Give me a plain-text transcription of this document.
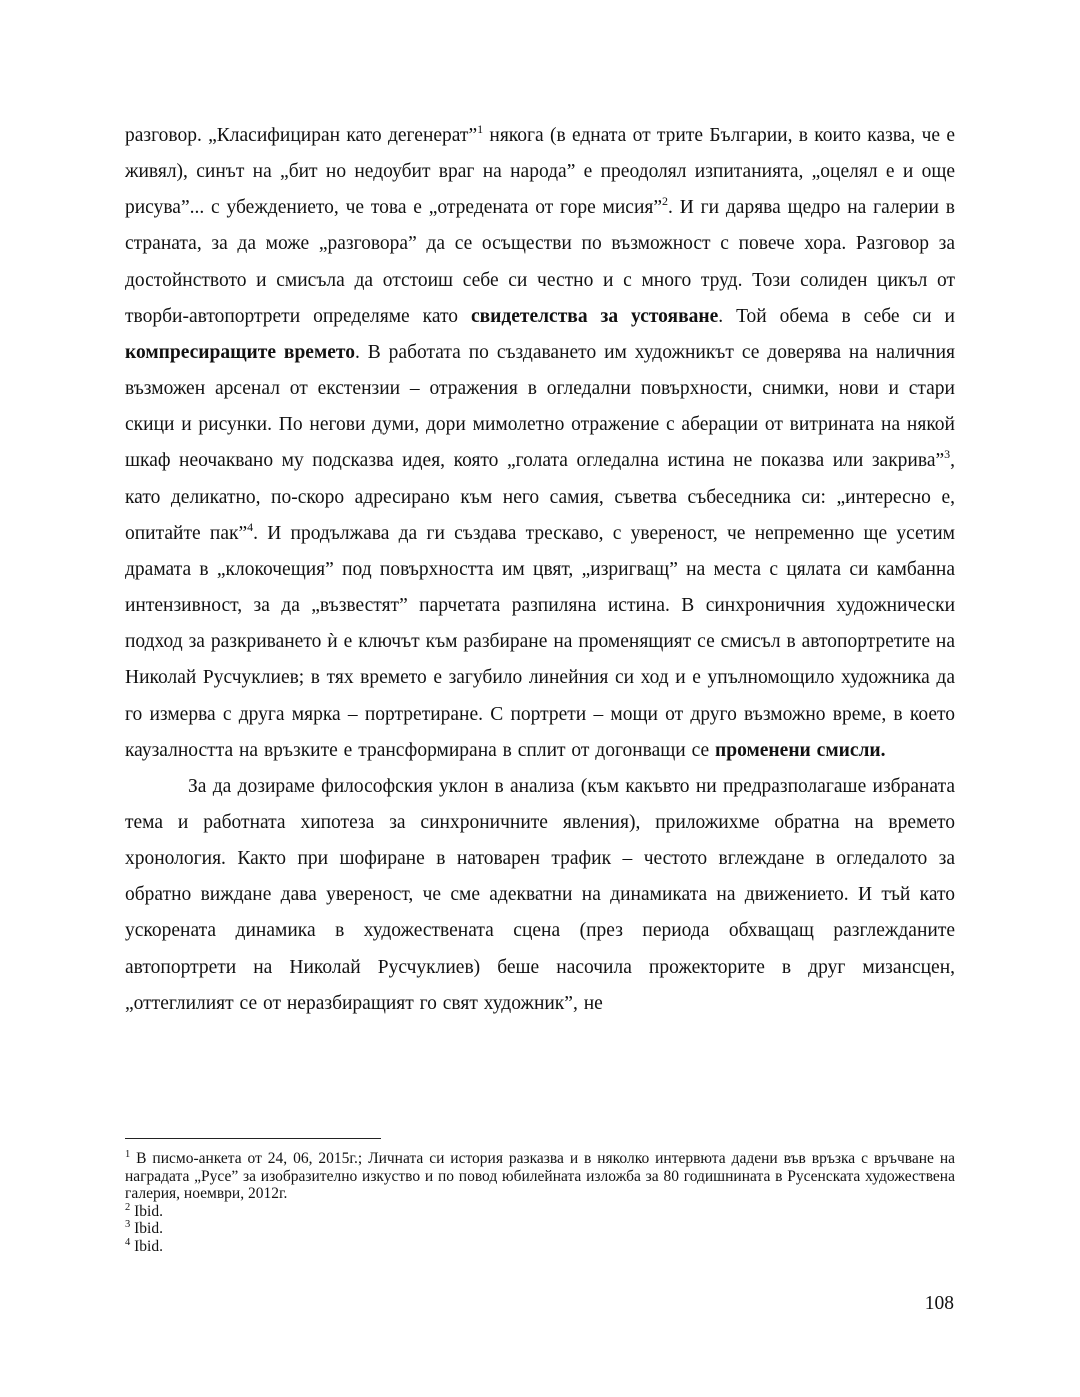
разговор. „Класифициран като дегенерат”$^1$ някога (в едната от трите Българии, в които казва, че е живял), синът на „бит но недоубит враг на народа” е преодолял изпитанията, „оцелял е и още рисува”... с убеждението, че това е „отредената от горе мисия”$^2$. И ги дарява щедро на галерии в страната, за да може „разговора” да се осъществи по възможност с повече хора. Разговор за достойнството и смисъла да отстоиш себе си честно и с много труд. Този солиден цикъл от творби-автопортрети определяме като свидетелства за устояване. Той обема в себе си и компресиращите времето. В работата по създаването им художникът се доверява на наличния възможен арсенал от екстензии – отражения в огледални повърхности, снимки, нови и стари скици и рисунки. По негови думи, дори мимолетно отражение с аберации от витрината на някой шкаф неочаквано му подсказва идея, която „голата огледална истина не показва или закрива”$^3$, като деликатно, по-скоро адресирано към него самия, съветва събеседника си: „интересно е, опитайте пак”$^4$. И продължава да ги създава трескаво, с увереност, че непременно ще усетим драмата в „клокочещия” под повърхността им цвят, „изригващ” на места с цялата си камбанна интензивност, за да „възвестят” парчетата разпиляна истина. В синхроничния художнически подход за разкриването ѝ е ключът към разбиране на променящият се смисъл в автопортретите на Николай Русчуклиев; в тях времето е загубило линейния си ход и е упълномощило художника да го измерва с друга мярка – портретиране. С портрети – мощи от друго възможно време, в което каузалността на връзките е трансформирана в сплит от догонващи се променени смисли.

За да дозираме философския уклон в анализа (към какъвто ни предразполагаше избраната тема и работната хипотеза за синхроничните явления), приложихме обратна на времето хронология. Както при шофиране в натоварен трафик – честото вглеждане в огледалото за обратно виждане дава увереност, че сме адекватни на динамиката на движението. И тъй като ускорената динамика в художествената сцена (през периода обхващащ разглежданите автопортрети на Николай Русчуклиев) беше насочила прожекторите в друг мизансцен, „оттеглилият се от неразбиращият го свят художник”, не

$^1$ В писмо-анкета от 24, 06, 2015г.; Личната си история разказва и в няколко интервюта дадени във връзка с връчване на наградата „Русе” за изобразително изкуство и по повод юбилейната изложба за 80 годишнината в Русенската художествена галерия, ноември, 2012г.

$^2$ Ibid.

$^3$ Ibid.

$^4$ Ibid.

108
